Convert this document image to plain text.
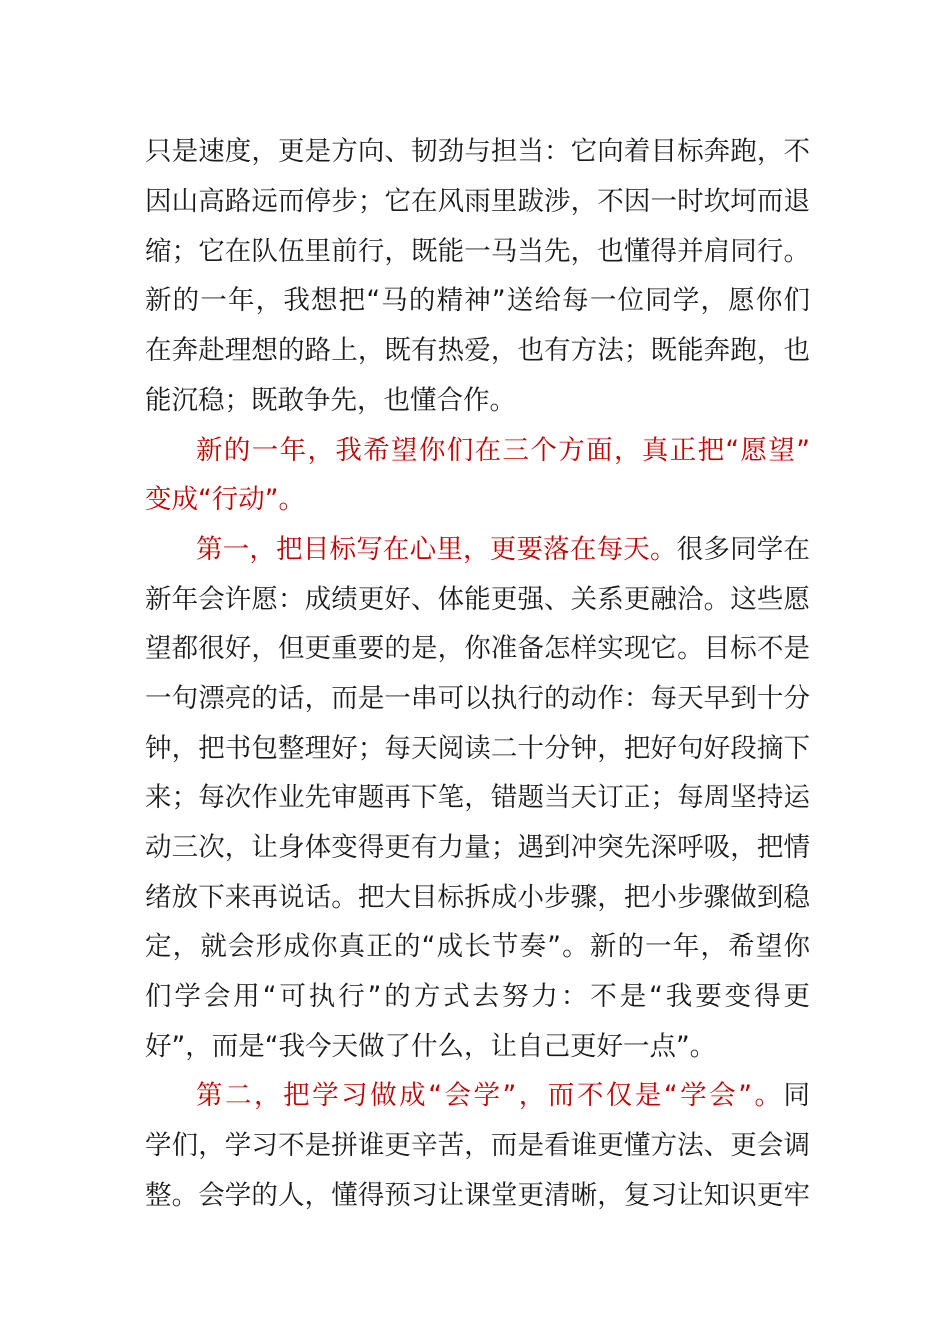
只是速度，更是方向、韧劲与担当：它向着目标奔跑，不
因山高路远而停步；它在风雨里跋涉，不因一时坎坷而退
缩；它在队伍里前行，既能一马当先，也懂得并肩同行。
新的一年，我想把“马的精神”送给每一位同学，愿你们
在奔赴理想的路上，既有热爱，也有方法；既能奔跑，也
能沉稳；既敢争先，也懂合作。
新的一年，我希望你们在三个方面，真正把“愿望”
变成“行动”。
第一，把目标写在心里，更要落在每天。很多同学在
新年会许愿：成绩更好、体能更强、关系更融洽。这些愿
望都很好，但更重要的是，你准备怎样实现它。目标不是
一句漂亮的话，而是一串可以执行的动作：每天早到十分
钟，把书包整理好；每天阅读二十分钟，把好句好段摘下
来；每次作业先审题再下笔，错题当天订正；每周坚持运
动三次，让身体变得更有力量；遇到冲突先深呼吸，把情
绪放下来再说话。把大目标拆成小步骤，把小步骤做到稳
定，就会形成你真正的“成长节奏”。新的一年，希望你
们学会用“可执行”的方式去努力：不是“我要变得更
好”，而是“我今天做了什么，让自己更好一点”。
第二，把学习做成“会学”，而不仅是“学会”。同
学们，学习不是拼谁更辛苦，而是看谁更懂方法、更会调
整。会学的人，懂得预习让课堂更清晰，复习让知识更牢
